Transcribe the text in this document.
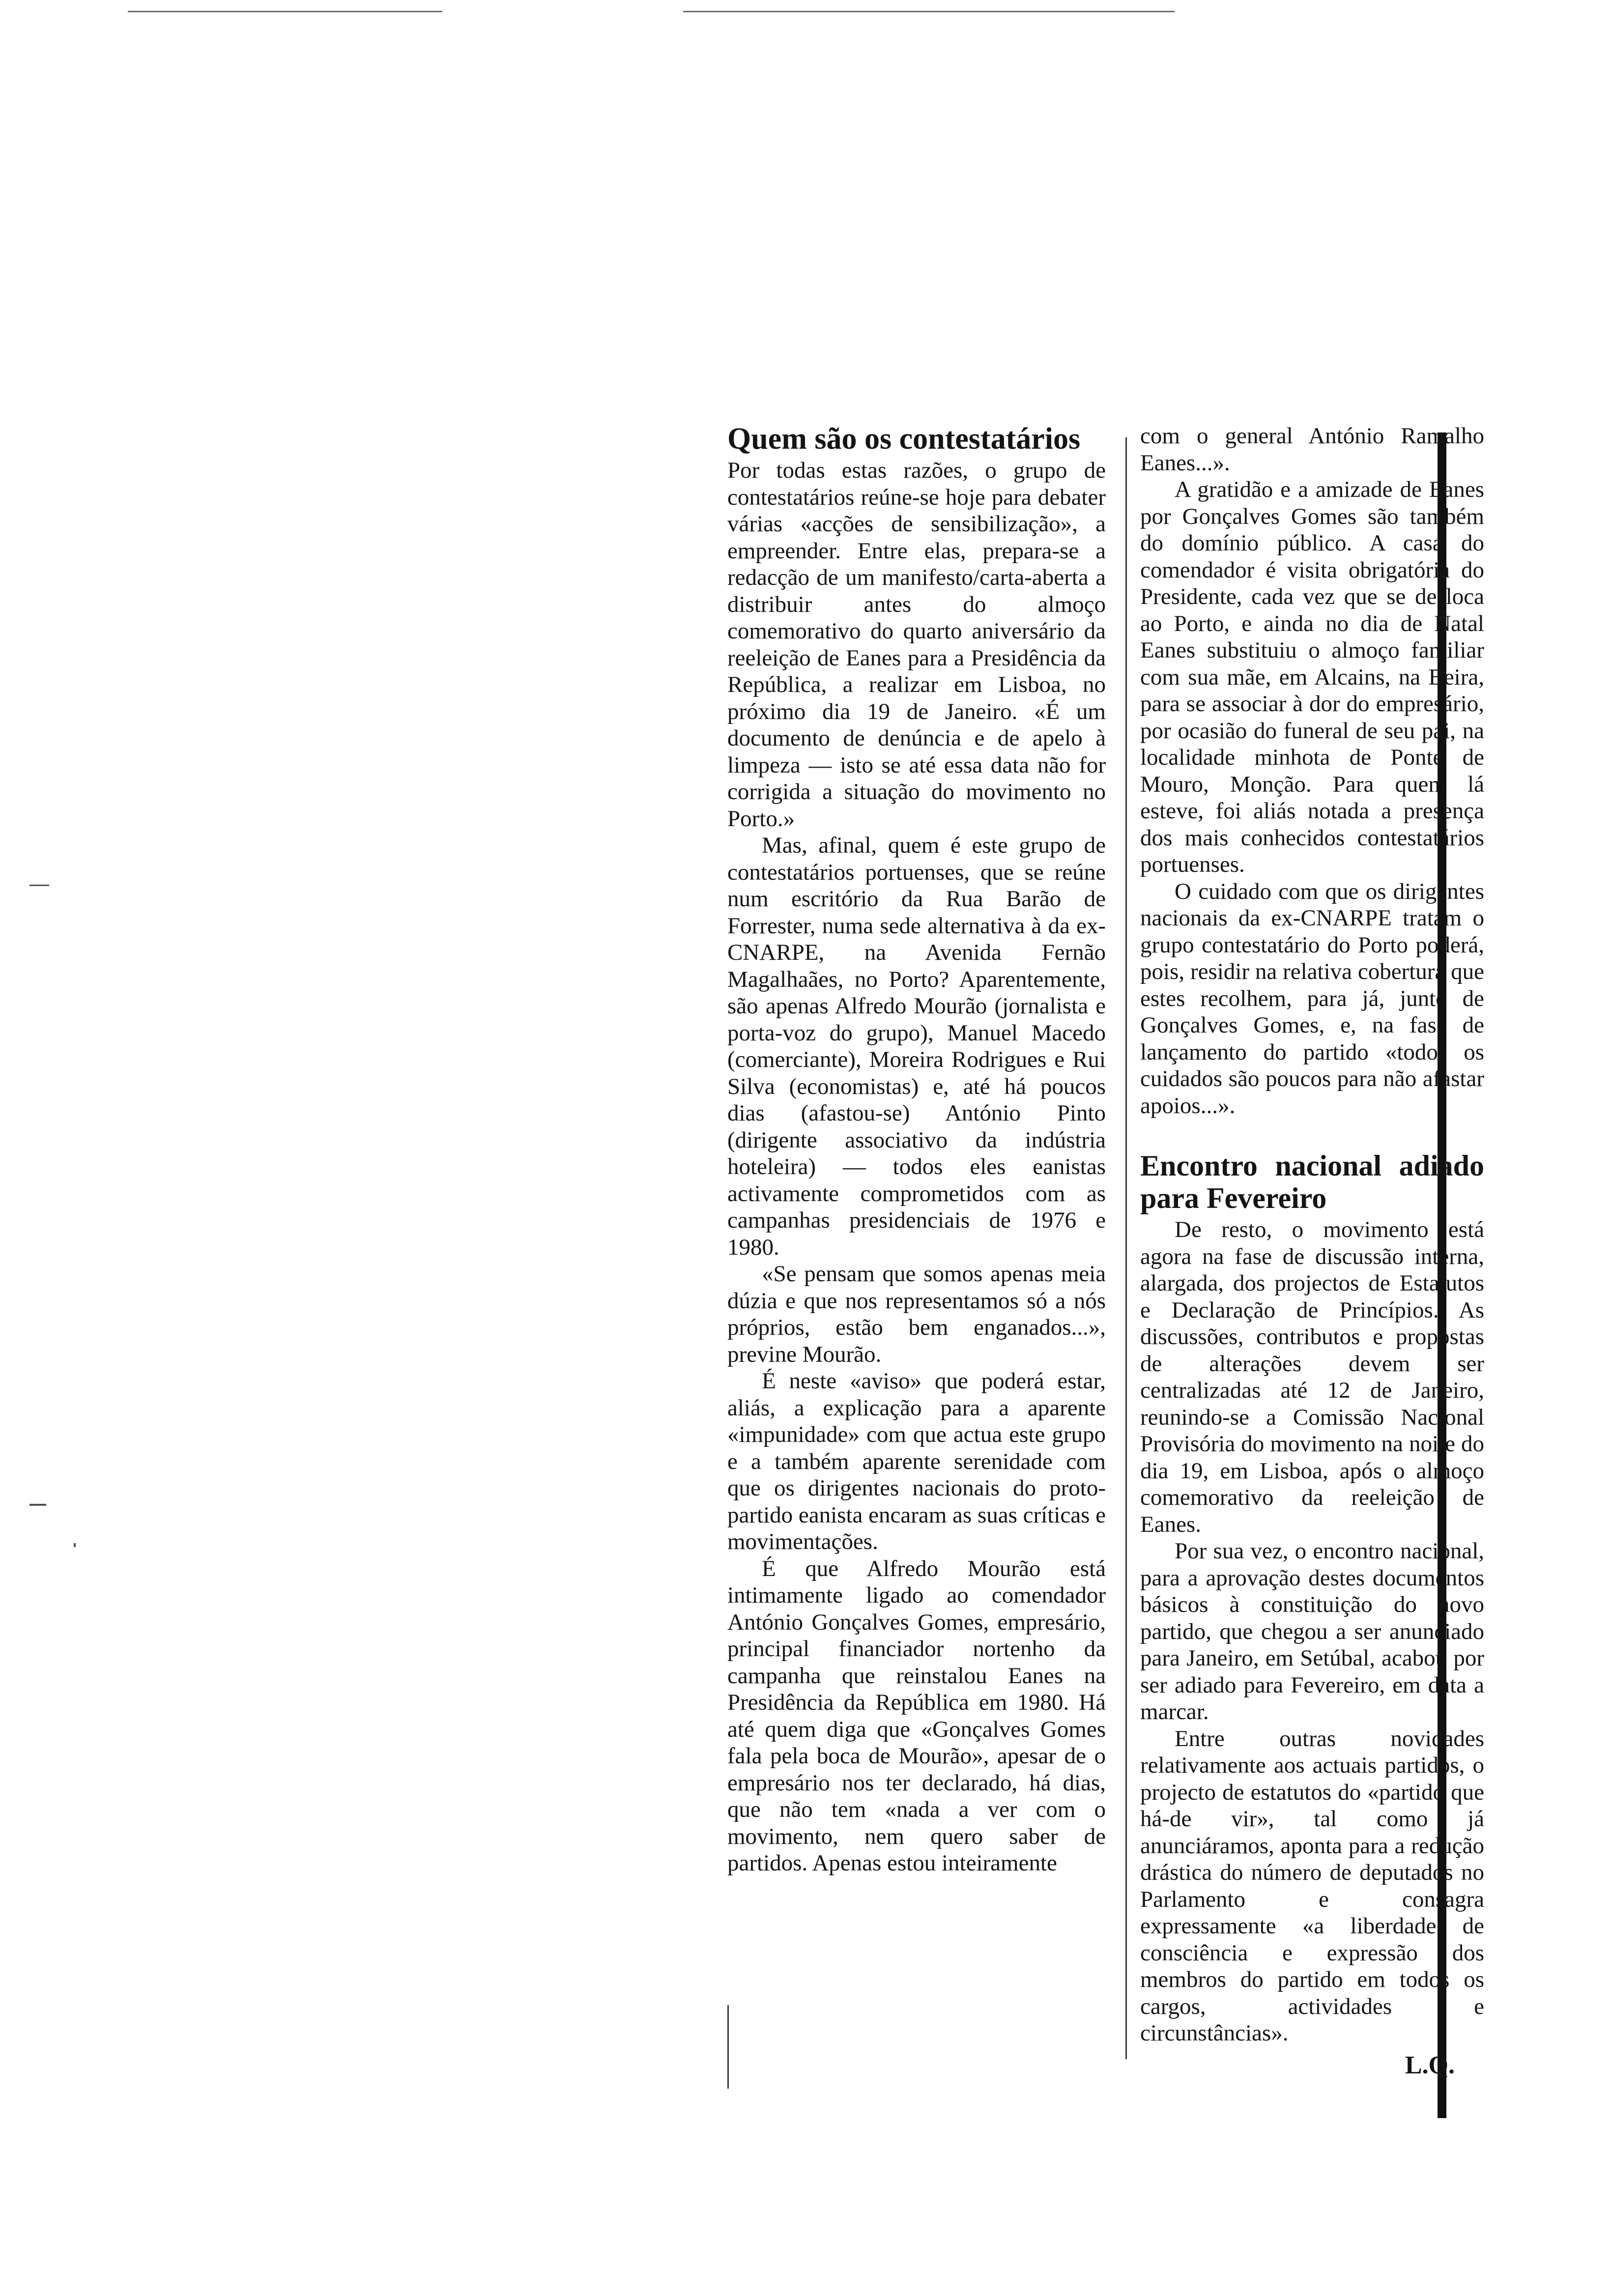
Quem são os contestatários

Por todas estas razões, o grupo de contestatários reúne-se hoje para debater várias «acções de sensibilização», a empreender. Entre elas, prepara-se a redacção de um manifesto/carta-aberta a distribuir antes do almoço comemorativo do quarto aniversário da reeleição de Eanes para a Presidência da República, a realizar em Lisboa, no próximo dia 19 de Janeiro. «É um documento de denúncia e de apelo à limpeza — isto se até essa data não for corrigida a situação do movimento no Porto.»

Mas, afinal, quem é este grupo de contestatários portuenses, que se reúne num escritório da Rua Barão de Forrester, numa sede alternativa à da ex-CNARPE, na Avenida Fernão Magalhaães, no Porto? Aparentemente, são apenas Alfredo Mourão (jornalista e porta-voz do grupo), Manuel Macedo (comerciante), Moreira Rodrigues e Rui Silva (economistas) e, até há poucos dias (afastou-se) António Pinto (dirigente associativo da indústria hoteleira) — todos eles eanistas activamente comprometidos com as campanhas presidenciais de 1976 e 1980.

«Se pensam que somos apenas meia dúzia e que nos representamos só a nós próprios, estão bem enganados...», previne Mourão.

É neste «aviso» que poderá estar, aliás, a explicação para a aparente «impunidade» com que actua este grupo e a também aparente serenidade com que os dirigentes nacionais do proto-partido eanista encaram as suas críticas e movimentações.

É que Alfredo Mourão está intimamente ligado ao comendador António Gonçalves Gomes, empresário, principal financiador nortenho da campanha que reinstalou Eanes na Presidência da República em 1980. Há até quem diga que «Gonçalves Gomes fala pela boca de Mourão», apesar de o empresário nos ter declarado, há dias, que não tem «nada a ver com o movimento, nem quero saber de partidos. Apenas estou inteiramente

com o general António Ramalho Eanes...».

A gratidão e a amizade de Eanes por Gonçalves Gomes são também do domínio público. A casa do comendador é visita obrigatória do Presidente, cada vez que se desloca ao Porto, e ainda no dia de Natal Eanes substituiu o almoço familiar com sua mãe, em Alcains, na Beira, para se associar à dor do empresário, por ocasião do funeral de seu pai, na localidade minhota de Ponte de Mouro, Monção. Para quem lá esteve, foi aliás notada a presença dos mais conhecidos contestatários portuenses.

O cuidado com que os dirigentes nacionais da ex-CNARPE tratam o grupo contestatário do Porto poderá, pois, residir na relativa cobertura que estes recolhem, para já, junto de Gonçalves Gomes, e, na fase de lançamento do partido «todos os cuidados são poucos para não afastar apoios...».

Encontro nacional adiado para Fevereiro

De resto, o movimento está agora na fase de discussão interna, alargada, dos projectos de Estatutos e Declaração de Princípios. As discussões, contributos e propostas de alterações devem ser centralizadas até 12 de Janeiro, reunindo-se a Comissão Nacional Provisória do movimento na noite do dia 19, em Lisboa, após o almoço comemorativo da reeleição de Eanes.

Por sua vez, o encontro nacional, para a aprovação destes documentos básicos à constituição do novo partido, que chegou a ser anunciado para Janeiro, em Setúbal, acabou por ser adiado para Fevereiro, em data a marcar.

Entre outras novidades relativamente aos actuais partidos, o projecto de estatutos do «partido que há-de vir», tal como já anunciáramos, aponta para a redução drástica do número de deputados no Parlamento e consagra expressamente «a liberdade de consciência e expressão dos membros do partido em todos os cargos, actividades e circunstâncias».

L.Q.
